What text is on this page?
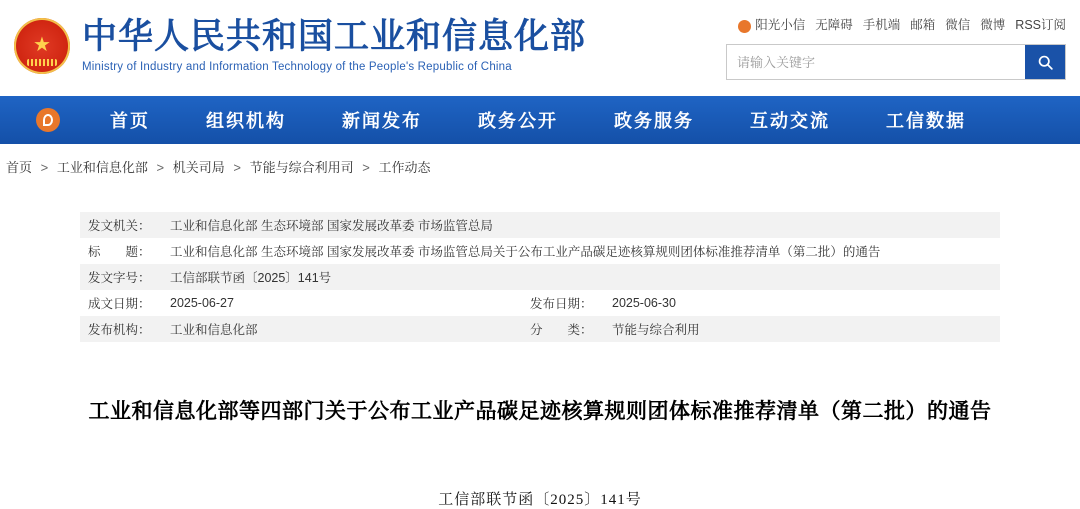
★ 中华人民共和国工业和信息化部
Ministry of Industry and Information Technology of the People's Republic of China
阳光小信 无障碍 手机端 邮箱 微信 微博 RSS订阅
请输入关键字
首页	组织机构	新闻发布	政务公开	政务服务	互动交流	工信数据
首页 > 工业和信息化部 > 机关司局 > 节能与综合利用司 > 工作动态
发文机关：	工业和信息化部 生态环境部 国家发展改革委 市场监管总局		
标　　题：	工业和信息化部 生态环境部 国家发展改革委 市场监管总局关于公布工业产品碳足迹核算规则团体标准推荐清单（第二批）的通告		
发文字号：	工信部联节函〔2025〕141号		
成文日期：	2025-06-27	发布日期：	2025-06-30
发布机构：	工业和信息化部	分　　类：	节能与综合利用
工业和信息化部等四部门关于公布工业产品碳足迹核算规则团体标准推荐清单（第二批）的通告
工信部联节函〔2025〕141号
